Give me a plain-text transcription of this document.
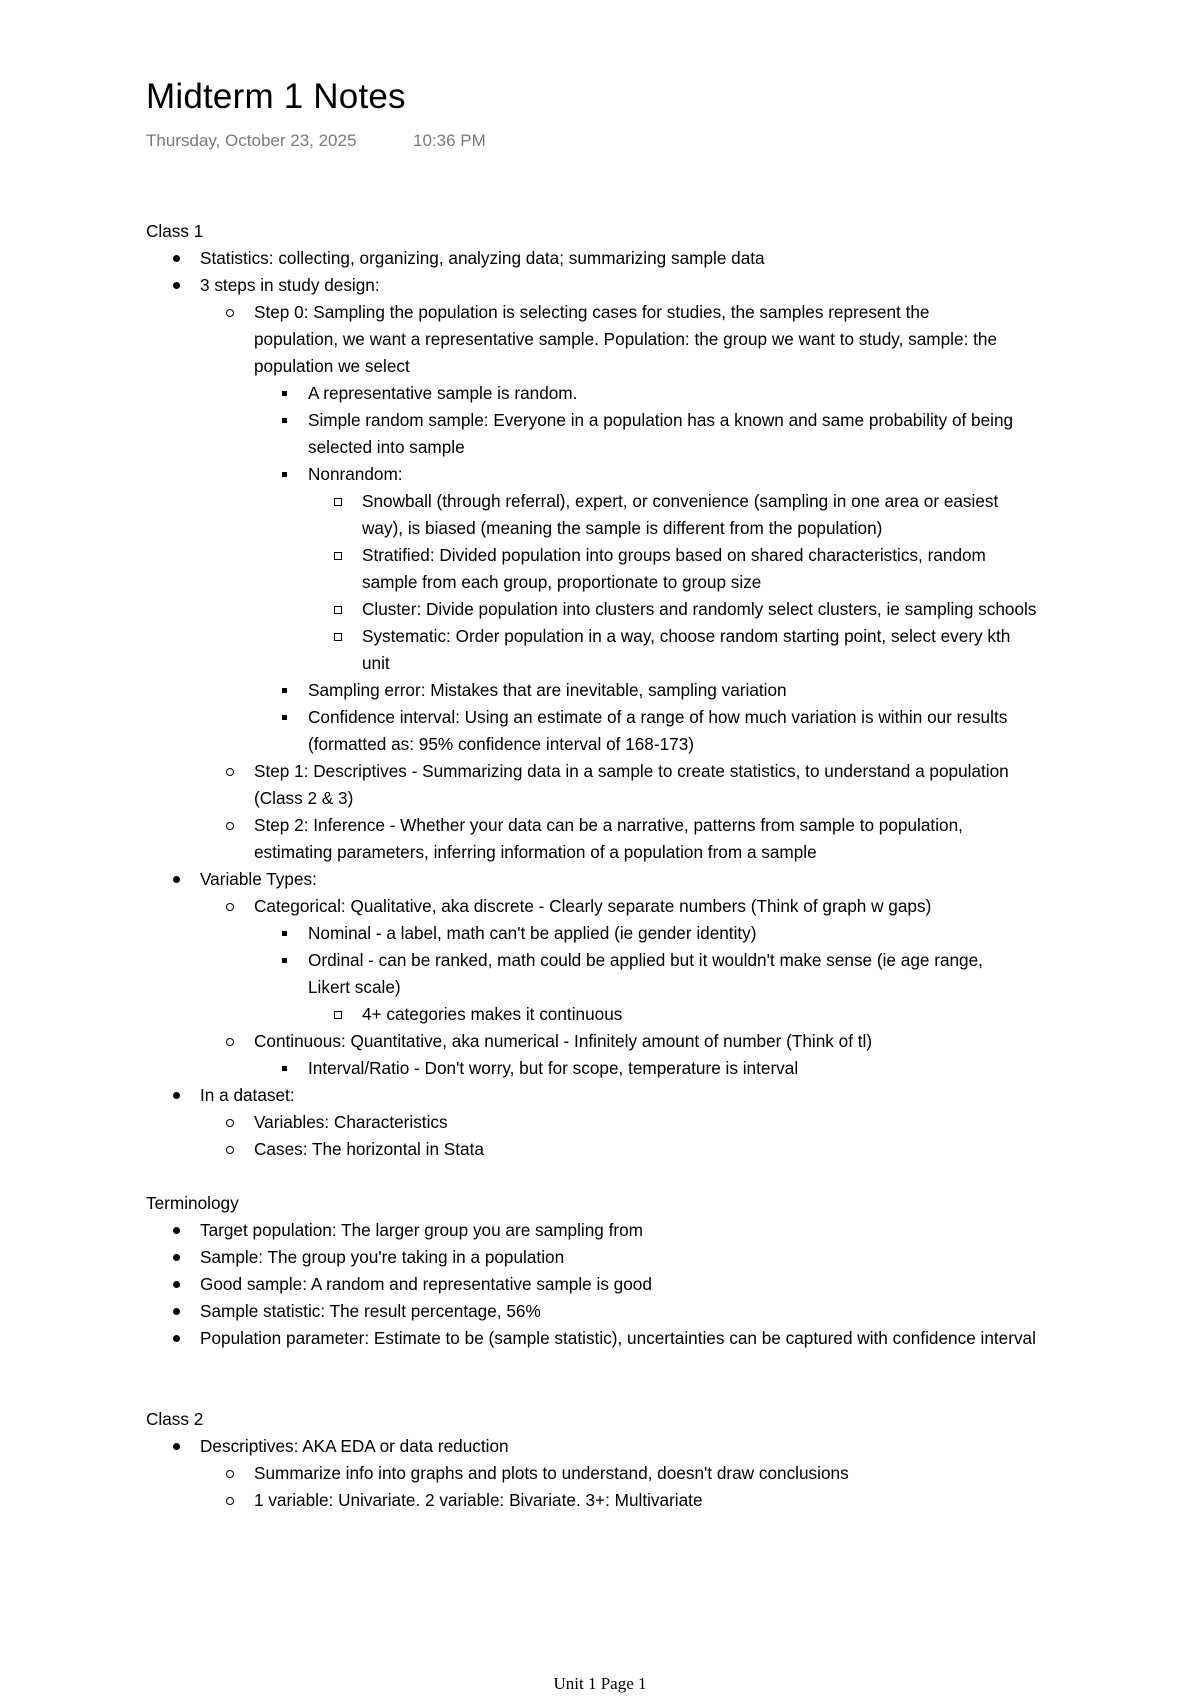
Midterm 1 Notes
Thursday, October 23, 2025	10:36 PM
Class 1
Statistics: collecting, organizing, analyzing data; summarizing sample data
3 steps in study design:
Step 0: Sampling the population is selecting cases for studies, the samples represent the population, we want a representative sample. Population: the group we want to study, sample: the population we select
A representative sample is random.
Simple random sample: Everyone in a population has a known and same probability of being selected into sample
Nonrandom:
Snowball (through referral), expert, or convenience (sampling in one area or easiest way), is biased (meaning the sample is different from the population)
Stratified: Divided population into groups based on shared characteristics, random sample from each group, proportionate to group size
Cluster: Divide population into clusters and randomly select clusters, ie sampling schools
Systematic: Order population in a way, choose random starting point, select every kth unit
Sampling error: Mistakes that are inevitable, sampling variation
Confidence interval: Using an estimate of a range of how much variation is within our results (formatted as: 95% confidence interval of 168-173)
Step 1: Descriptives - Summarizing data in a sample to create statistics, to understand a population (Class 2 & 3)
Step 2: Inference - Whether your data can be a narrative, patterns from sample to population, estimating parameters, inferring information of a population from a sample
Variable Types:
Categorical: Qualitative, aka discrete - Clearly separate numbers (Think of graph w gaps)
Nominal - a label, math can't be applied (ie gender identity)
Ordinal - can be ranked, math could be applied but it wouldn't make sense (ie age range, Likert scale)
4+ categories makes it continuous
Continuous: Quantitative, aka numerical - Infinitely amount of number (Think of tl)
Interval/Ratio - Don't worry, but for scope, temperature is interval
In a dataset:
Variables: Characteristics
Cases: The horizontal in Stata
Terminology
Target population: The larger group you are sampling from
Sample: The group you're taking in a population
Good sample: A random and representative sample is good
Sample statistic: The result percentage, 56%
Population parameter: Estimate to be (sample statistic), uncertainties can be captured with confidence interval
Class 2
Descriptives: AKA EDA or data reduction
Summarize info into graphs and plots to understand, doesn't draw conclusions
1 variable: Univariate. 2 variable: Bivariate. 3+: Multivariate
Unit 1 Page 1
